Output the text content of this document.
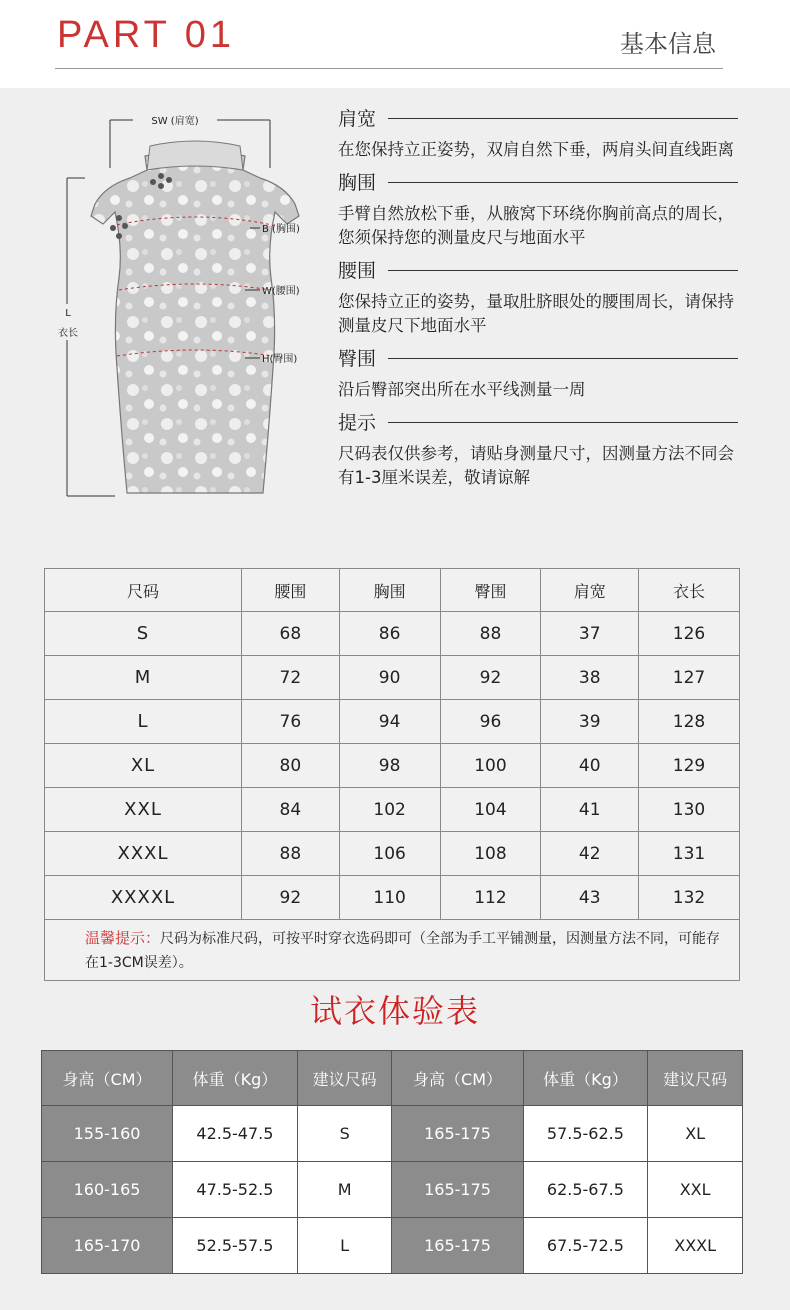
PART 01	基本信息
SW (肩宽)
L
衣长
B (胸围)
W(腰围)
H(臀围)
肩宽
在您保持立正姿势，双肩自然下垂，两肩头间直线距离
胸围
手臂自然放松下垂，从腋窝下环绕你胸前高点的周长，您须保持您的测量皮尺与地面水平
腰围
您保持立正的姿势，量取肚脐眼处的腰围周长，请保持测量皮尺下地面水平
臀围
沿后臀部突出所在水平线测量一周
提示
尺码表仅供参考，请贴身测量尺寸，因测量方法不同会有1-3厘米误差，敬请谅解
尺码	腰围	胸围	臀围	肩宽	衣长
S	68	86	88	37	126
M	72	90	92	38	127
L	76	94	96	39	128
XL	80	98	100	40	129
XXL	84	102	104	41	130
XXXL	88	106	108	42	131
XXXXL	92	110	112	43	132
温馨提示：尺码为标准尺码，可按平时穿衣选码即可（全部为手工平铺测量，因测量方法不同，可能存在1-3CM误差）。					
试衣体验表
身高（CM）	体重（Kg）	建议尺码	身高（CM）	体重（Kg）	建议尺码
155-160	42.5-47.5	S	165-175	57.5-62.5	XL
160-165	47.5-52.5	M	165-175	62.5-67.5	XXL
165-170	52.5-57.5	L	165-175	67.5-72.5	XXXL
